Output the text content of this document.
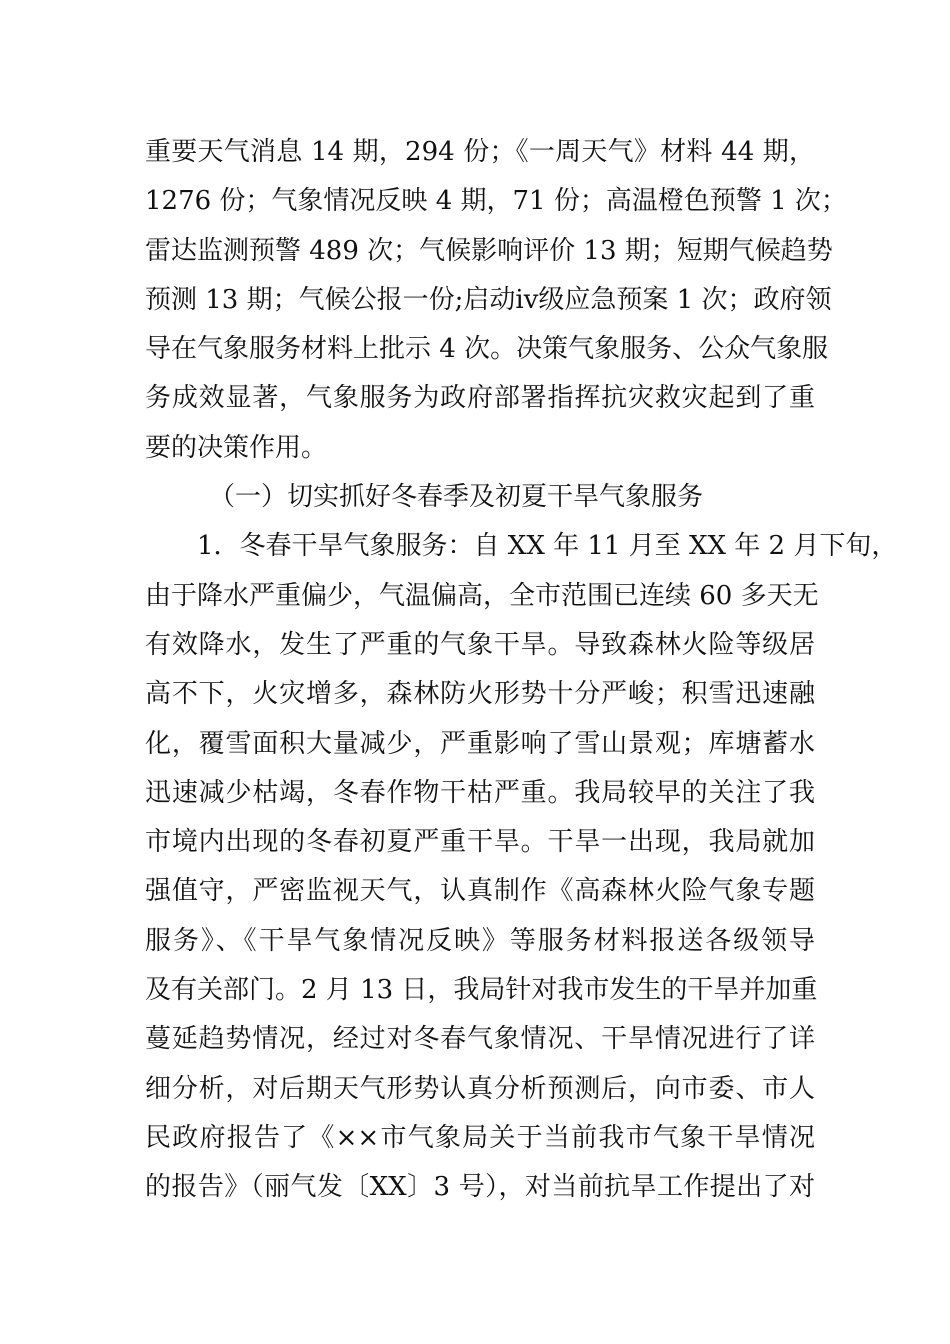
重要天气消息 14 期，294 份；《一周天气》材料 44 期，
1276 份；气象情况反映 4 期，71 份；高温橙色预警 1 次；
雷达监测预警 489 次；气候影响评价 13 期；短期气候趋势
预测 13 期；气候公报一份;启动ⅳ级应急预案 1 次；政府领
导在气象服务材料上批示 4 次。决策气象服务、公众气象服
务成效显著，气象服务为政府部署指挥抗灾救灾起到了重
要的决策作用。
（一）切实抓好冬春季及初夏干旱气象服务
1．冬春干旱气象服务：自 XX 年 11 月至 XX 年 2 月下旬，
由于降水严重偏少，气温偏高，全市范围已连续 60 多天无
有效降水，发生了严重的气象干旱。导致森林火险等级居
高不下，火灾增多，森林防火形势十分严峻；积雪迅速融
化，覆雪面积大量减少，严重影响了雪山景观；库塘蓄水
迅速减少枯竭，冬春作物干枯严重。我局较早的关注了我
市境内出现的冬春初夏严重干旱。干旱一出现，我局就加
强值守，严密监视天气，认真制作《高森林火险气象专题
服务》、《干旱气象情况反映》等服务材料报送各级领导
及有关部门。2 月 13 日，我局针对我市发生的干旱并加重
蔓延趋势情况，经过对冬春气象情况、干旱情况进行了详
细分析，对后期天气形势认真分析预测后，向市委、市人
民政府报告了《××市气象局关于当前我市气象干旱情况
的报告》（丽气发〔XX〕3 号），对当前抗旱工作提出了对
